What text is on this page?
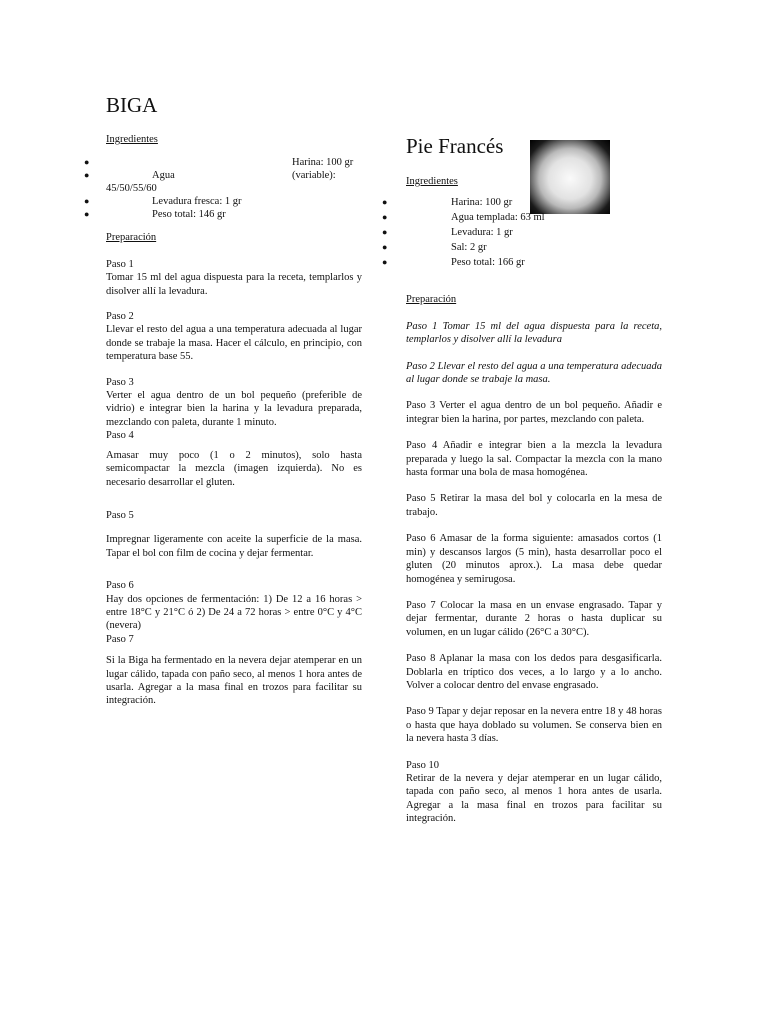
BIGA
Ingredientes
●	Harina: 100 gr
●	Agua	(variable):
45/50/55/60
●	Levadura fresca: 1 gr
●	Peso total: 146 gr
Preparación
Paso 1

Tomar 15 ml del agua dispuesta para la receta, templarlos y disolver allí la levadura.

Paso 2

Llevar el resto del agua a una temperatura adecuada al lugar donde se trabaje la masa. Hacer el cálculo, en principio, con temperatura base 55.

Paso 3

Verter el agua dentro de un bol pequeño (preferible de vidrio) e integrar bien la harina y la levadura preparada, mezclando con paleta, durante 1 minuto.

Paso 4

Amasar muy poco (1 o 2 minutos), solo hasta semicompactar la mezcla (imagen izquierda). No es necesario desarrollar el gluten.

Paso 5

Impregnar ligeramente con aceite la superficie de la masa. Tapar el bol con film de cocina y dejar fermentar.

Paso 6

Hay dos opciones de fermentación: 1) De 12 a 16 horas > entre 18°C y 21°C ó 2) De 24 a 72 horas > entre 0°C y 4°C (nevera)

Paso 7

Si la Biga ha fermentado en la nevera dejar atemperar en un lugar cálido, tapada con paño seco, al menos 1 hora antes de usarla. Agregar a la masa final en trozos para facilitar su integración.

Pie Francés
Ingredientes
●	Harina: 100 gr
●	Agua templada: 63 ml
●	Levadura: 1 gr
●	Sal: 2 gr
●	Peso total: 166 gr
Preparación

Paso 1 Tomar 15 ml del agua dispuesta para la receta, templarlos y disolver allí la levadura

Paso 2 Llevar el resto del agua a una temperatura adecuada al lugar donde se trabaje la masa.

Paso 3 Verter el agua dentro de un bol pequeño. Añadir e integrar bien la harina, por partes, mezclando con paleta.

Paso 4 Añadir e integrar bien a la mezcla la levadura preparada y luego la sal. Compactar la mezcla con la mano hasta formar una bola de masa homogénea.

Paso 5 Retirar la masa del bol y colocarla en la mesa de trabajo.

Paso 6 Amasar de la forma siguiente: amasados cortos (1 min) y descansos largos (5 min), hasta desarrollar poco el gluten (20 minutos aprox.). La masa debe quedar homogénea y semirugosa.

Paso 7 Colocar la masa en un envase engrasado. Tapar y dejar fermentar, durante 2 horas o hasta duplicar su volumen, en un lugar cálido (26°C a 30°C).

Paso 8 Aplanar la masa con los dedos para desgasificarla. Doblarla en tríptico dos veces, a lo largo y a lo ancho. Volver a colocar dentro del envase engrasado.

Paso 9 Tapar y dejar reposar en la nevera entre 18 y 48 horas o hasta que haya doblado su volumen. Se conserva bien en la nevera hasta 3 días.

Paso 10

Retirar de la nevera y dejar atemperar en un lugar cálido, tapada con paño seco, al menos 1 hora antes de usarla. Agregar a la masa final en trozos para facilitar su integración.
